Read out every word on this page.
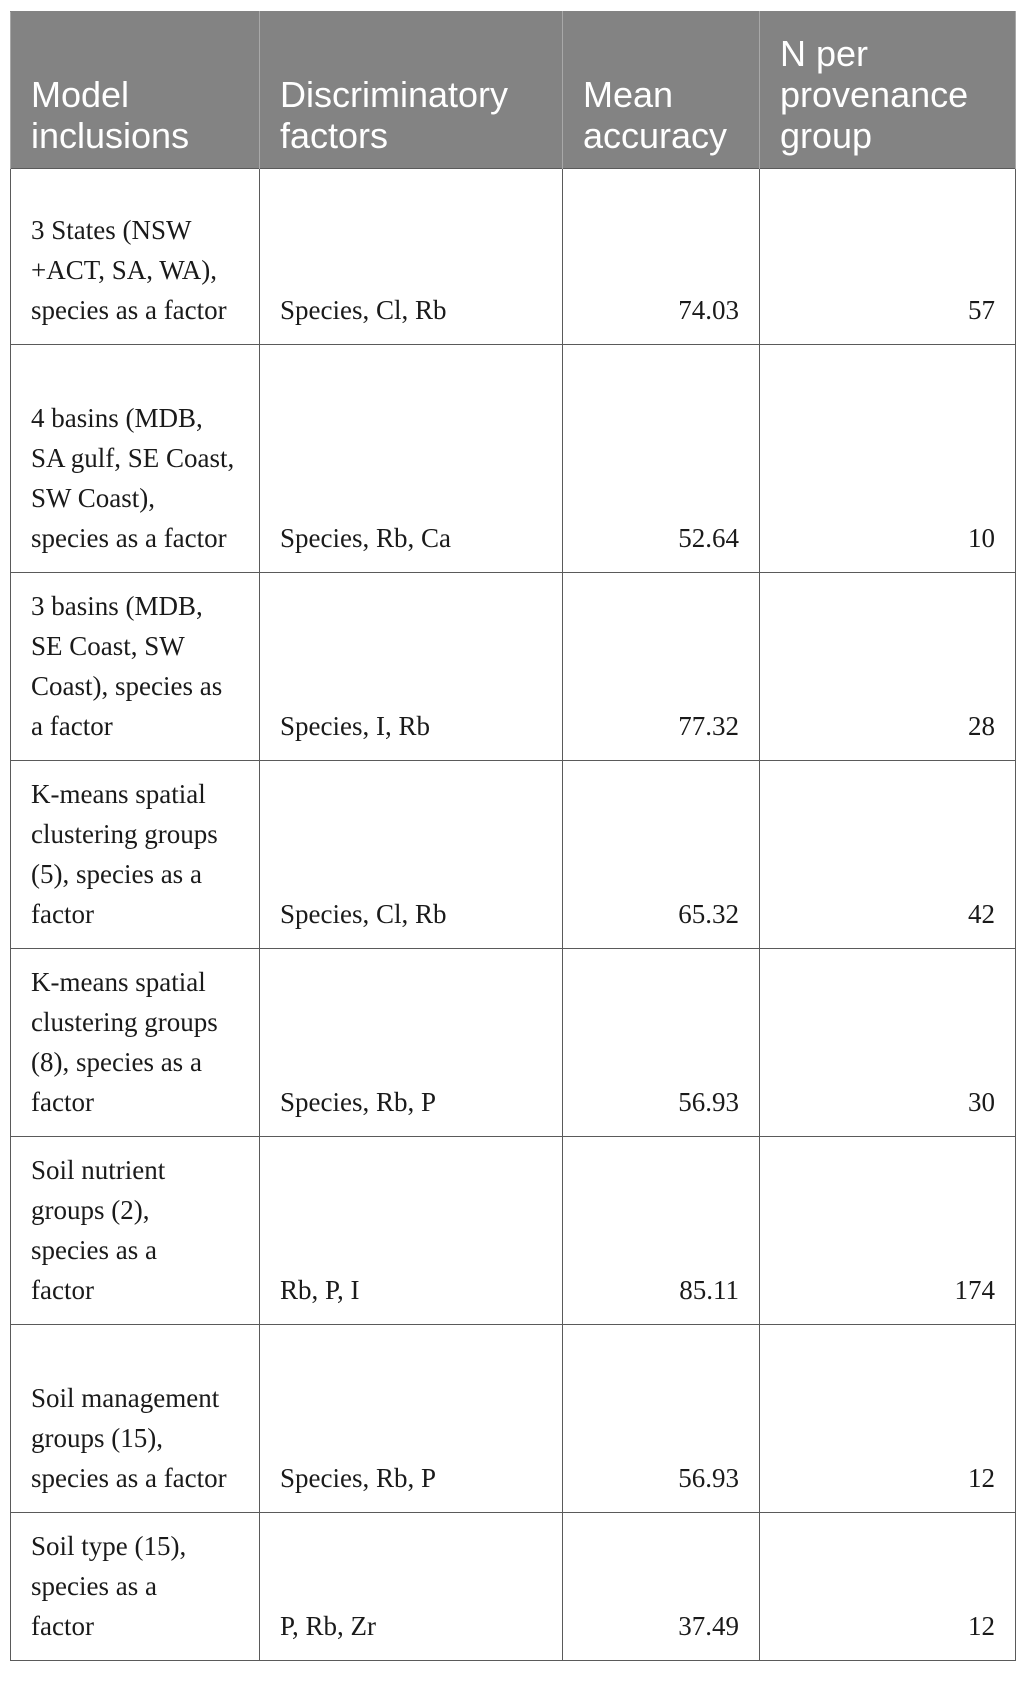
Model inclusions	Discriminatory factors	Mean accuracy	N per provenance group

3 States (NSW +ACT, SA, WA), species as a factor	Species, Cl, Rb	74.03	57

4 basins (MDB, SA gulf, SE Coast, SW Coast), species as a factor	Species, Rb, Ca	52.64	10

3 basins (MDB, SE Coast, SW Coast), species as a factor	Species, I, Rb	77.32	28

K-means spatial clustering groups (5), species as a factor	Species, Cl, Rb	65.32	42

K-means spatial clustering groups (8), species as a factor	Species, Rb, P	56.93	30

Soil nutrient groups (2), species as a factor	Rb, P, I	85.11	174

Soil management groups (15), species as a factor	Species, Rb, P	56.93	12

Soil type (15), species as a factor	P, Rb, Zr	37.49	12
